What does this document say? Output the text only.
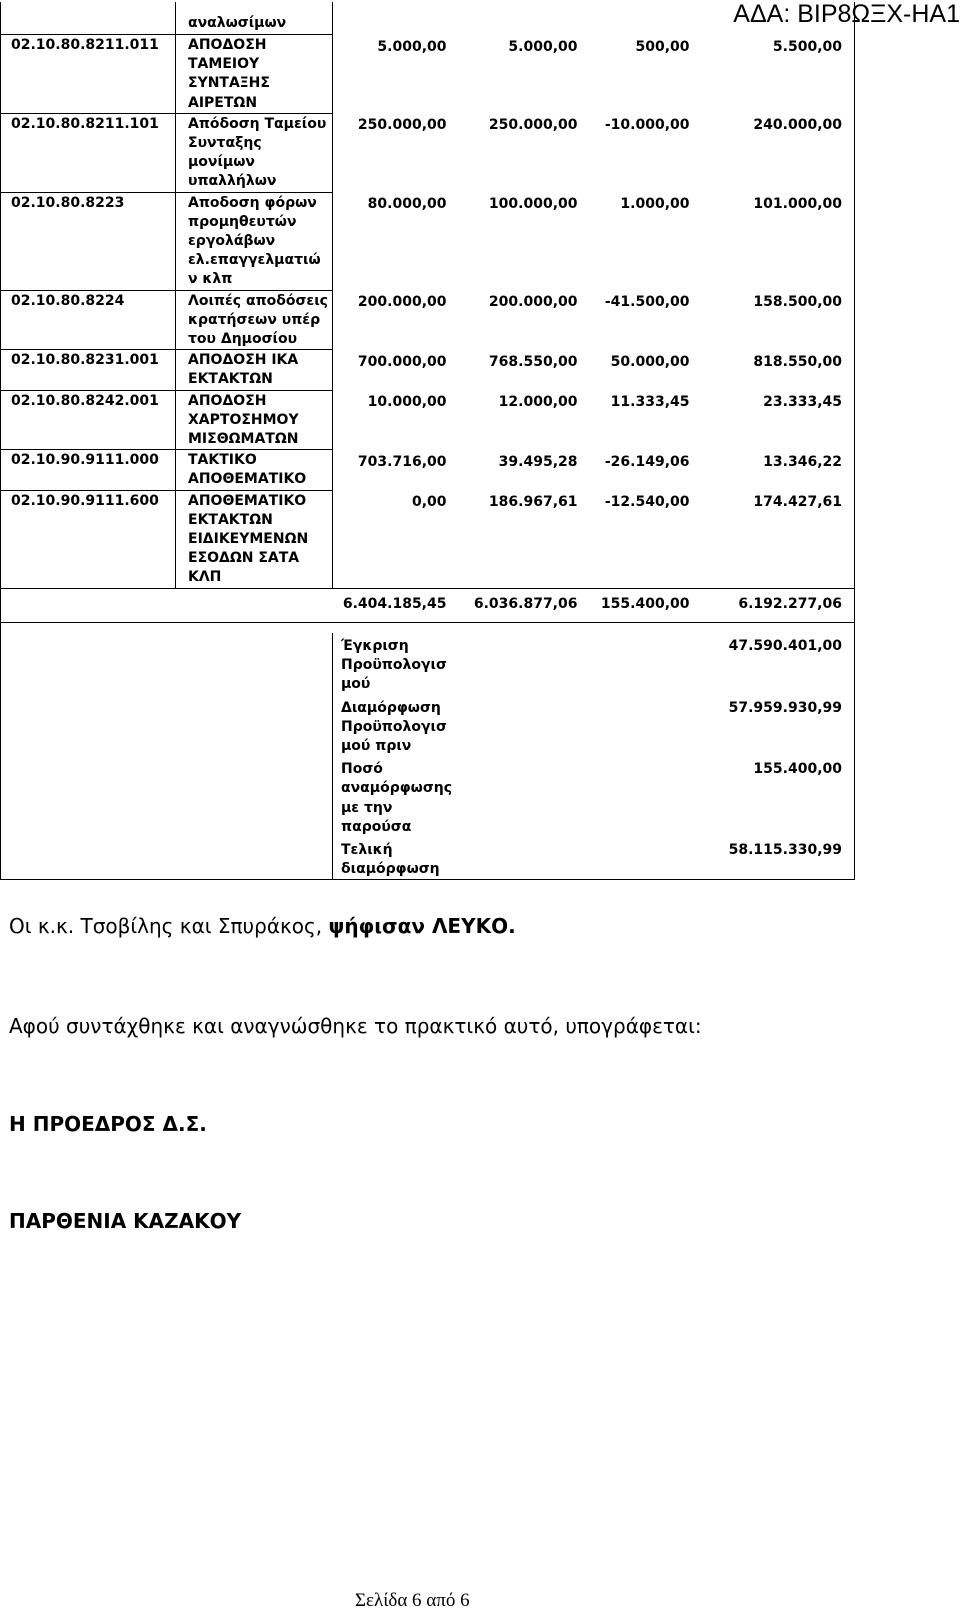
ΑΔΑ: ΒΙΡ8ΩΞΧ-ΗΑ1
	αναλωσίμων				
02.10.80.8211.011	ΑΠΟΔΟΣΗ ΤΑΜΕΙΟΥ ΣΥΝΤΑΞΗΣ ΑΙΡΕΤΩΝ	5.000,00	5.000,00	500,00	5.500,00
02.10.80.8211.101	Απόδοση Ταμείου Συνταξης μονίμων υπαλλήλων	250.000,00	250.000,00	-10.000,00	240.000,00
02.10.80.8223	Αποδοση φόρων προμηθευτών εργολάβων ελ.επαγγελματιώ ν κλπ	80.000,00	100.000,00	1.000,00	101.000,00
02.10.80.8224	Λοιπές αποδόσεις κρατήσεων υπέρ του Δημοσίου	200.000,00	200.000,00	-41.500,00	158.500,00
02.10.80.8231.001	ΑΠΟΔΟΣΗ ΙΚΑ ΕΚΤΑΚΤΩΝ	700.000,00	768.550,00	50.000,00	818.550,00
02.10.80.8242.001	ΑΠΟΔΟΣΗ ΧΑΡΤΟΣΗΜΟΥ ΜΙΣΘΩΜΑΤΩΝ	10.000,00	12.000,00	11.333,45	23.333,45
02.10.90.9111.000	ΤΑΚΤΙΚΟ ΑΠΟΘΕΜΑΤΙΚΟ	703.716,00	39.495,28	-26.149,06	13.346,22
02.10.90.9111.600	ΑΠΟΘΕΜΑΤΙΚΟ ΕΚΤΑΚΤΩΝ ΕΙΔΙΚΕΥΜΕΝΩΝ ΕΣΟΔΩΝ ΣΑΤΑ ΚΛΠ	0,00	186.967,61	-12.540,00	174.427,61
		6.404.185,45	6.036.877,06	155.400,00	6.192.277,06

		Έγκριση Προϋπολογισ μού		47.590.401,00	
		Διαμόρφωση Προϋπολογισ μού πριν		57.959.930,99	
		Ποσό αναμόρφωσης με την παρούσα		155.400,00	
		Τελική διαμόρφωση		58.115.330,99	
Οι κ.κ. Τσοβίλης και Σπυράκος, ψήφισαν ΛΕΥΚΟ.
Αφού συντάχθηκε και αναγνώσθηκε το πρακτικό αυτό, υπογράφεται:
Η ΠΡΟΕΔΡΟΣ Δ.Σ.
ΠΑΡΘΕΝΙΑ ΚΑΖΑΚΟΥ
Σελίδα 6 από 6
